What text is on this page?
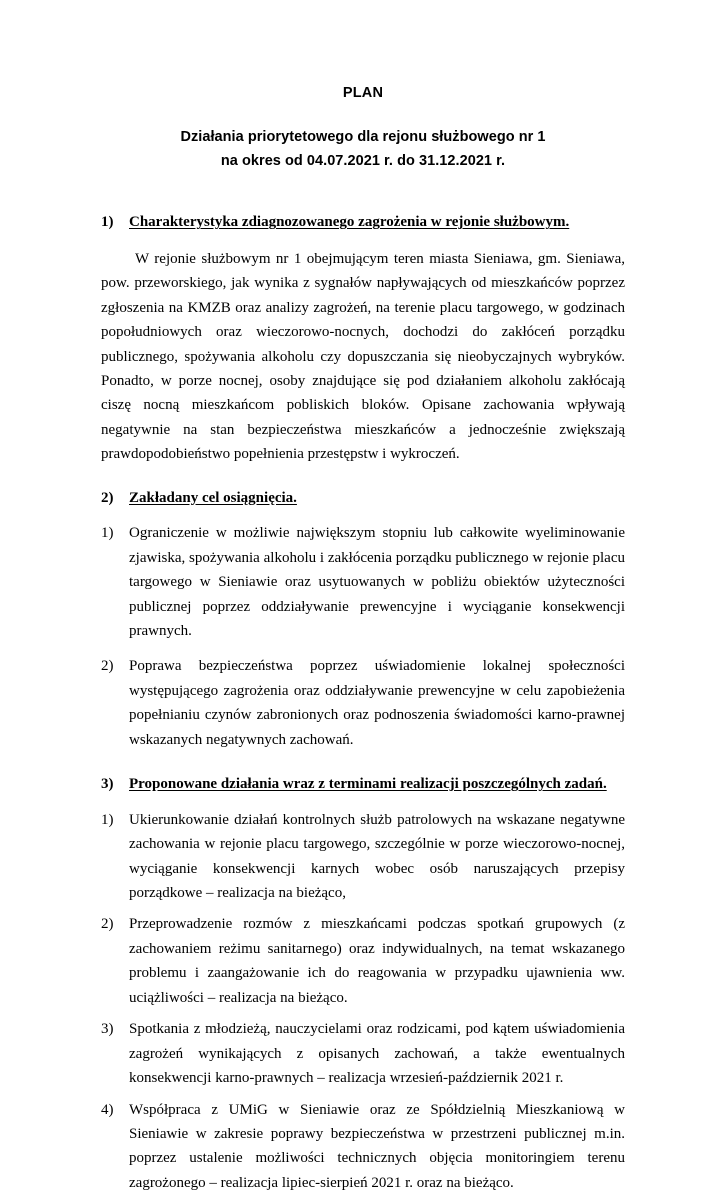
PLAN
Działania priorytetowego dla rejonu służbowego nr 1
na okres od 04.07.2021 r. do 31.12.2021 r.
1)	Charakterystyka zdiagnozowanego zagrożenia w rejonie służbowym.

W rejonie służbowym nr 1 obejmującym teren miasta Sieniawa, gm. Sieniawa, pow. przeworskiego, jak wynika z sygnałów napływających od mieszkańców poprzez zgłoszenia na KMZB oraz analizy zagrożeń, na terenie placu targowego, w godzinach popołudniowych oraz wieczorowo-nocnych, dochodzi do zakłóceń porządku publicznego, spożywania alkoholu czy dopuszczania się nieobyczajnych wybryków. Ponadto, w porze nocnej, osoby znajdujące się pod działaniem alkoholu zakłócają ciszę nocną mieszkańcom pobliskich bloków. Opisane zachowania wpływają negatywnie na stan bezpieczeństwa mieszkańców a jednocześnie zwiększają prawdopodobieństwo popełnienia przestępstw i wykroczeń.

2)	Zakładany cel osiągnięcia.
1)	Ograniczenie w możliwie największym stopniu lub całkowite wyeliminowanie zjawiska, spożywania alkoholu i zakłócenia porządku publicznego w rejonie placu targowego w Sieniawie oraz usytuowanych w pobliżu obiektów użyteczności publicznej poprzez oddziaływanie prewencyjne i wyciąganie konsekwencji prawnych.
2)	Poprawa bezpieczeństwa poprzez uświadomienie lokalnej społeczności występującego zagrożenia oraz oddziaływanie prewencyjne w celu zapobieżenia popełnianiu czynów zabronionych oraz podnoszenia świadomości karno-prawnej wskazanych negatywnych zachowań.
3)	Proponowane działania wraz z terminami realizacji poszczególnych zadań.
1)	Ukierunkowanie działań kontrolnych służb patrolowych na wskazane negatywne zachowania w rejonie placu targowego, szczególnie w porze wieczorowo-nocnej, wyciąganie konsekwencji karnych wobec osób naruszających przepisy porządkowe – realizacja na bieżąco,
2)	Przeprowadzenie rozmów z mieszkańcami podczas spotkań grupowych (z zachowaniem reżimu sanitarnego) oraz indywidualnych, na temat wskazanego problemu i zaangażowanie ich do reagowania w przypadku ujawnienia ww. uciążliwości – realizacja na bieżąco.
3)	Spotkania z młodzieżą, nauczycielami oraz rodzicami, pod kątem uświadomienia zagrożeń wynikających z opisanych zachowań, a także ewentualnych konsekwencji karno-prawnych – realizacja wrzesień-październik 2021 r.
4)	Współpraca z UMiG w Sieniawie oraz ze Spółdzielnią Mieszkaniową w Sieniawie w zakresie poprawy bezpieczeństwa w przestrzeni publicznej m.in. poprzez ustalenie możliwości technicznych objęcia monitoringiem terenu zagrożonego – realizacja lipiec-sierpień 2021 r. oraz na bieżąco.
